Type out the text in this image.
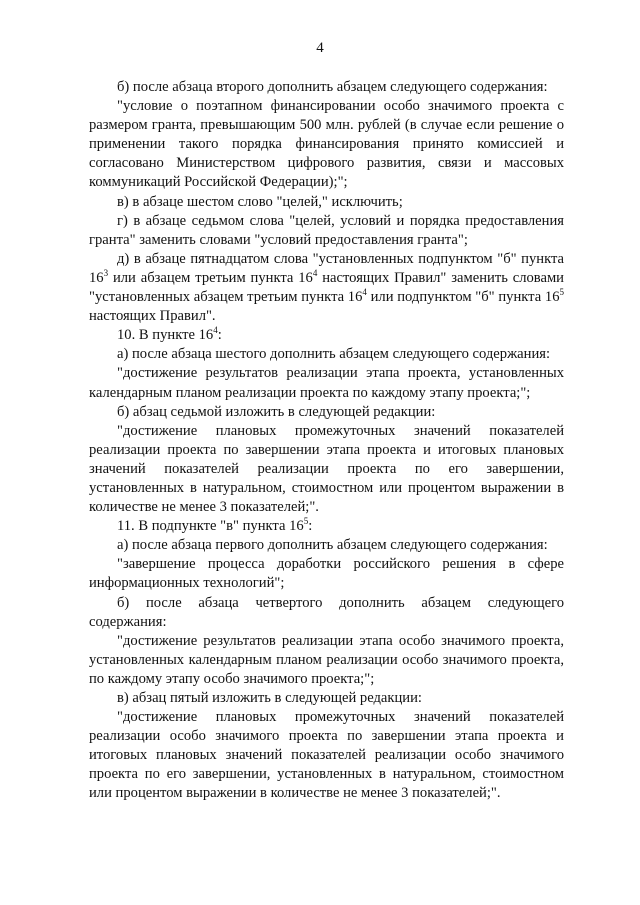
4

б) после абзаца второго дополнить абзацем следующего содержания:

"условие о поэтапном финансировании особо значимого проекта с размером гранта, превышающим 500 млн. рублей (в случае если решение о применении такого порядка финансирования принято комиссией и согласовано Министерством цифрового развития, связи и массовых коммуникаций Российской Федерации);";

в) в абзаце шестом слово "целей," исключить;

г) в абзаце седьмом слова "целей, условий и порядка предоставления гранта" заменить словами "условий предоставления гранта";

д) в абзаце пятнадцатом слова "установленных подпунктом "б" пункта $16^3$ или абзацем третьим пункта $16^4$ настоящих Правил" заменить словами "установленных абзацем третьим пункта $16^4$ или подпунктом "б" пункта $16^5$ настоящих Правил".

10. В пункте $16^4$:

а) после абзаца шестого дополнить абзацем следующего содержания:

"достижение результатов реализации этапа проекта, установленных календарным планом реализации проекта по каждому этапу проекта;";

б) абзац седьмой изложить в следующей редакции:

"достижение плановых промежуточных значений показателей реализации проекта по завершении этапа проекта и итоговых плановых значений показателей реализации проекта по его завершении, установленных в натуральном, стоимостном или процентом выражении в количестве не менее 3 показателей;".

11. В подпункте "в" пункта $16^5$:

а) после абзаца первого дополнить абзацем следующего содержания:

"завершение процесса доработки российского решения в сфере информационных технологий";

б) после абзаца четвертого дополнить абзацем следующего содержания:

"достижение результатов реализации этапа особо значимого проекта, установленных календарным планом реализации особо значимого проекта, по каждому этапу особо значимого проекта;";

в) абзац пятый изложить в следующей редакции:

"достижение плановых промежуточных значений показателей реализации особо значимого проекта по завершении этапа проекта и итоговых плановых значений показателей реализации особо значимого проекта по его завершении, установленных в натуральном, стоимостном или процентом выражении в количестве не менее 3 показателей;".
